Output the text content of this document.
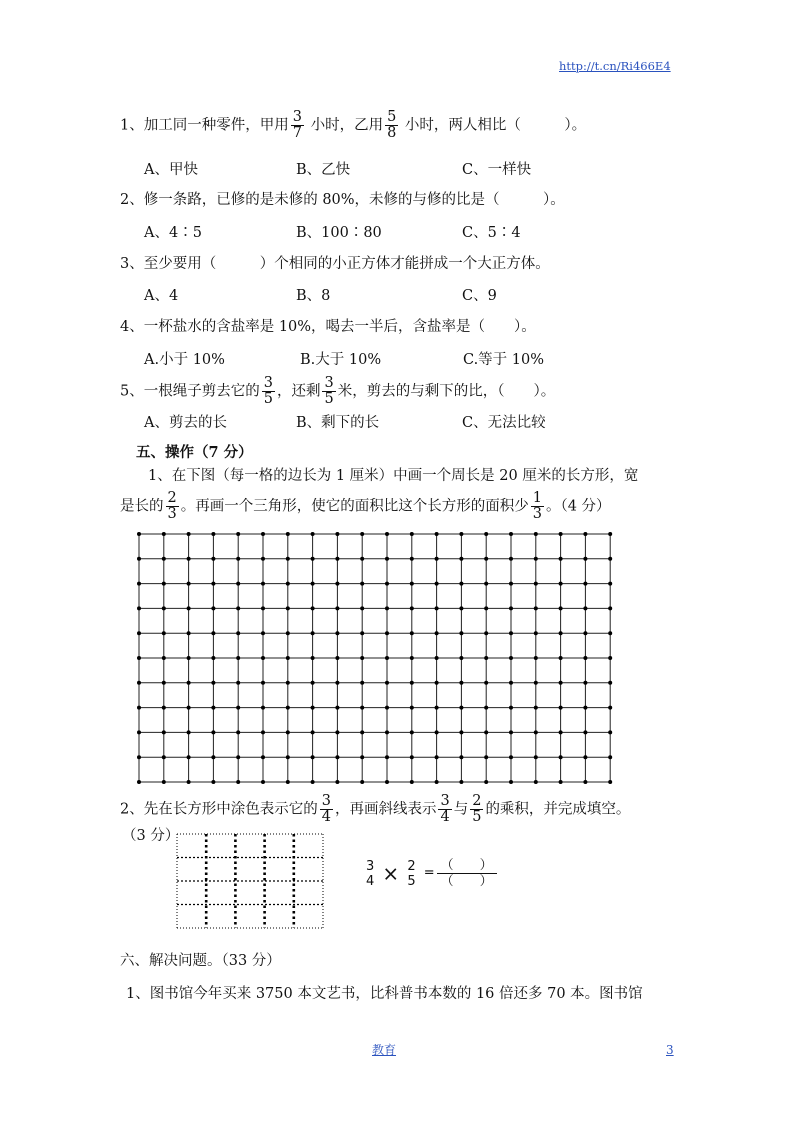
http://t.cn/Ri466E4
1、加工同一种零件，甲用 $\frac{3}{7}$ 小时，乙用 $\frac{5}{8}$ 小时，两人相比（　　　）。
A、甲快	B、乙快	C、一样快
2、修一条路，已修的是未修的 80%，未修的与修的比是（　　　）。
A、4∶5	B、100∶80	C、5∶4
3、至少要用（　　　）个相同的小正方体才能拼成一个大正方体。
A、4	B、8	C、9
4、一杯盐水的含盐率是 10%，喝去一半后，含盐率是（　　）。
A.小于 10%	B.大于 10%	C.等于 10%
5、一根绳子剪去它的 $\frac{3}{5}$ ，还剩 $\frac{3}{5}$ 米，剪去的与剩下的比，（　　）。
A、剪去的长	B、剩下的长	C、无法比较
五、操作（7 分）
1、在下图（每一格的边长为 1 厘米）中画一个周长是 20 厘米的长方形，宽
是长的 $\frac{2}{3}$ 。再画一个三角形，使它的面积比这个长方形的面积少 $\frac{1}{3}$ 。（4 分）
2、先在长方形中涂色表示它的 $\frac{3}{4}$ ，再画斜线表示 $\frac{3}{4}$ 与 $\frac{2}{5}$ 的乘积，并完成填空。
（3 分）
3
4 × 2
5
= $\frac{( )}{( )}$
六、解决问题。（33 分）
1、图书馆今年买来 3750 本文艺书，比科普书本数的 16 倍还多 70 本。图书馆
教育	3
